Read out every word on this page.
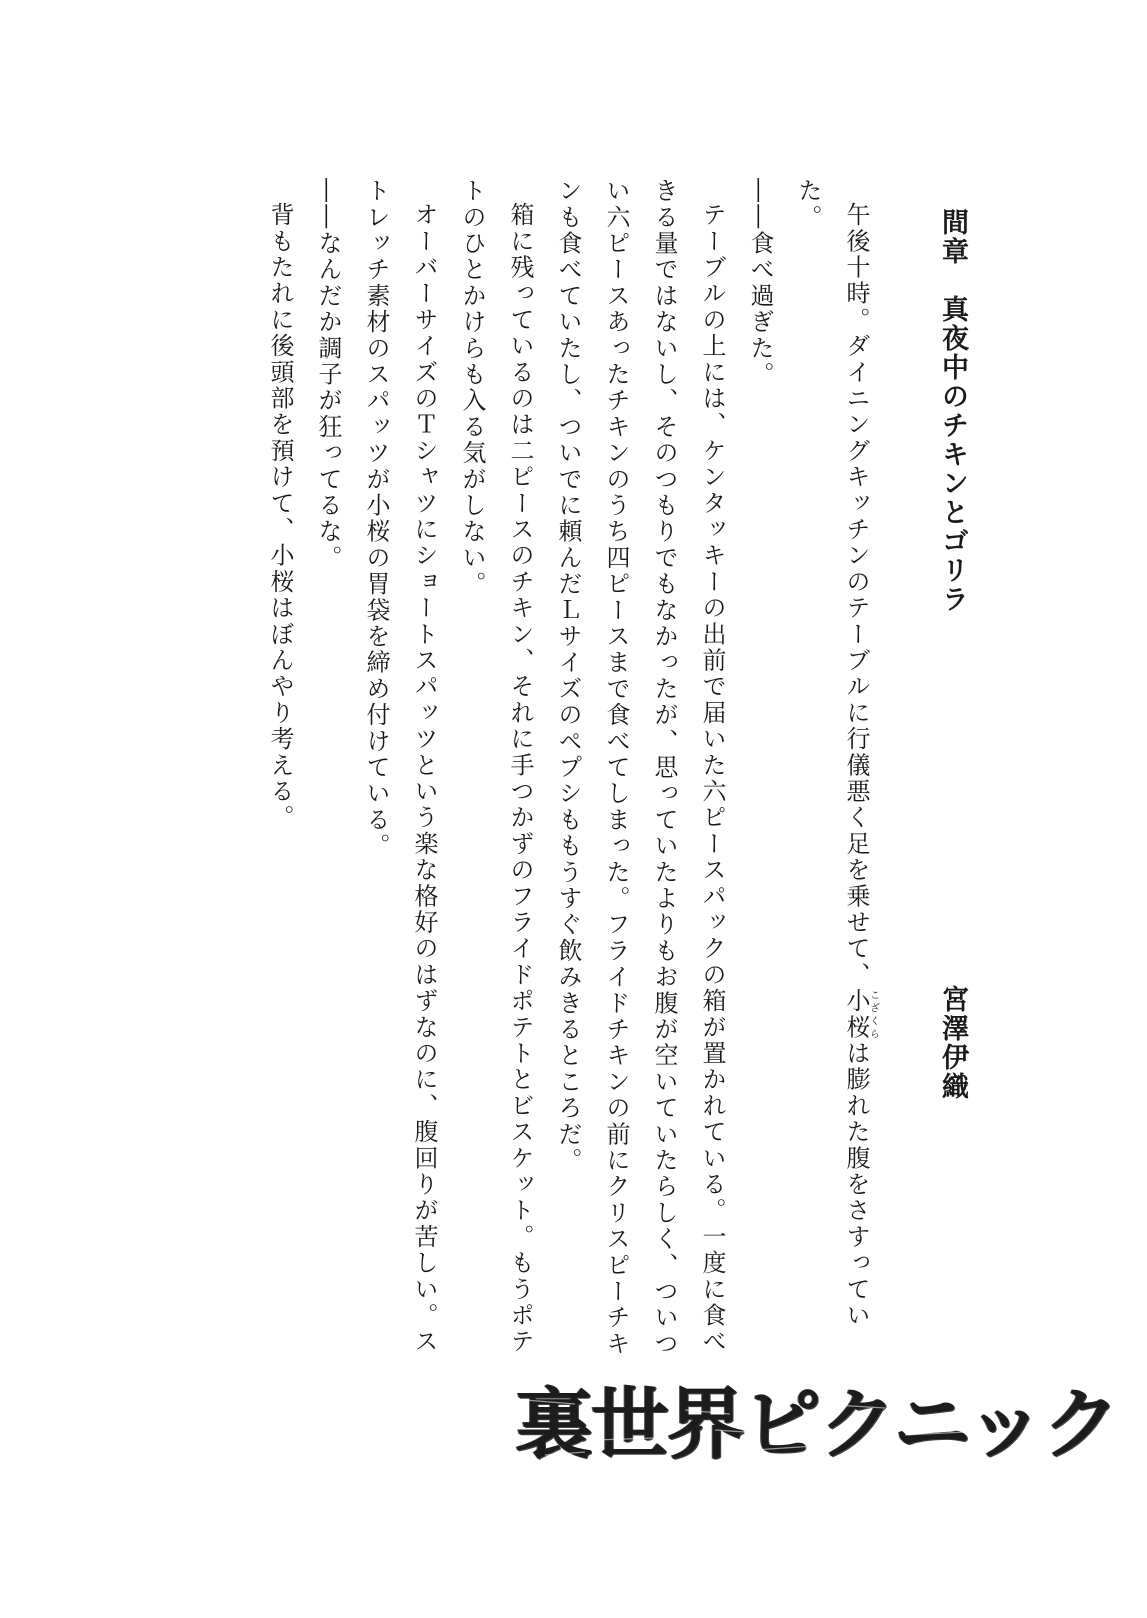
間章　真夜中のチキンとゴリラ
宮澤伊織

午後十時。ダイニングキッチンのテーブルに行儀悪く足を乗せて、小桜こざくらは膨れた腹をさすっていた。

――食べ過ぎた。

テーブルの上には、ケンタッキーの出前で届いた六ピースパックの箱が置かれている。一度に食べきる量ではないし、そのつもりでもなかったが、思っていたよりもお腹が空いていたらしく、ついつい六ピースあったチキンのうち四ピースまで食べてしまった。フライドチキンの前にクリスピーチキンも食べていたし、ついでに頼んだＬサイズのペプシももうすぐ飲みきるところだ。

箱に残っているのは二ピースのチキン、それに手つかずのフライドポテトとビスケット。もうポテトのひとかけらも入る気がしない。

オーバーサイズのＴシャツにショートスパッツという楽な格好のはずなのに、腹回りが苦しい。ストレッチ素材のスパッツが小桜の胃袋を締め付けている。

――なんだか調子が狂ってるな。

背もたれに後頭部を預けて、小桜はぼんやり考える。

裏世界ピクニック
